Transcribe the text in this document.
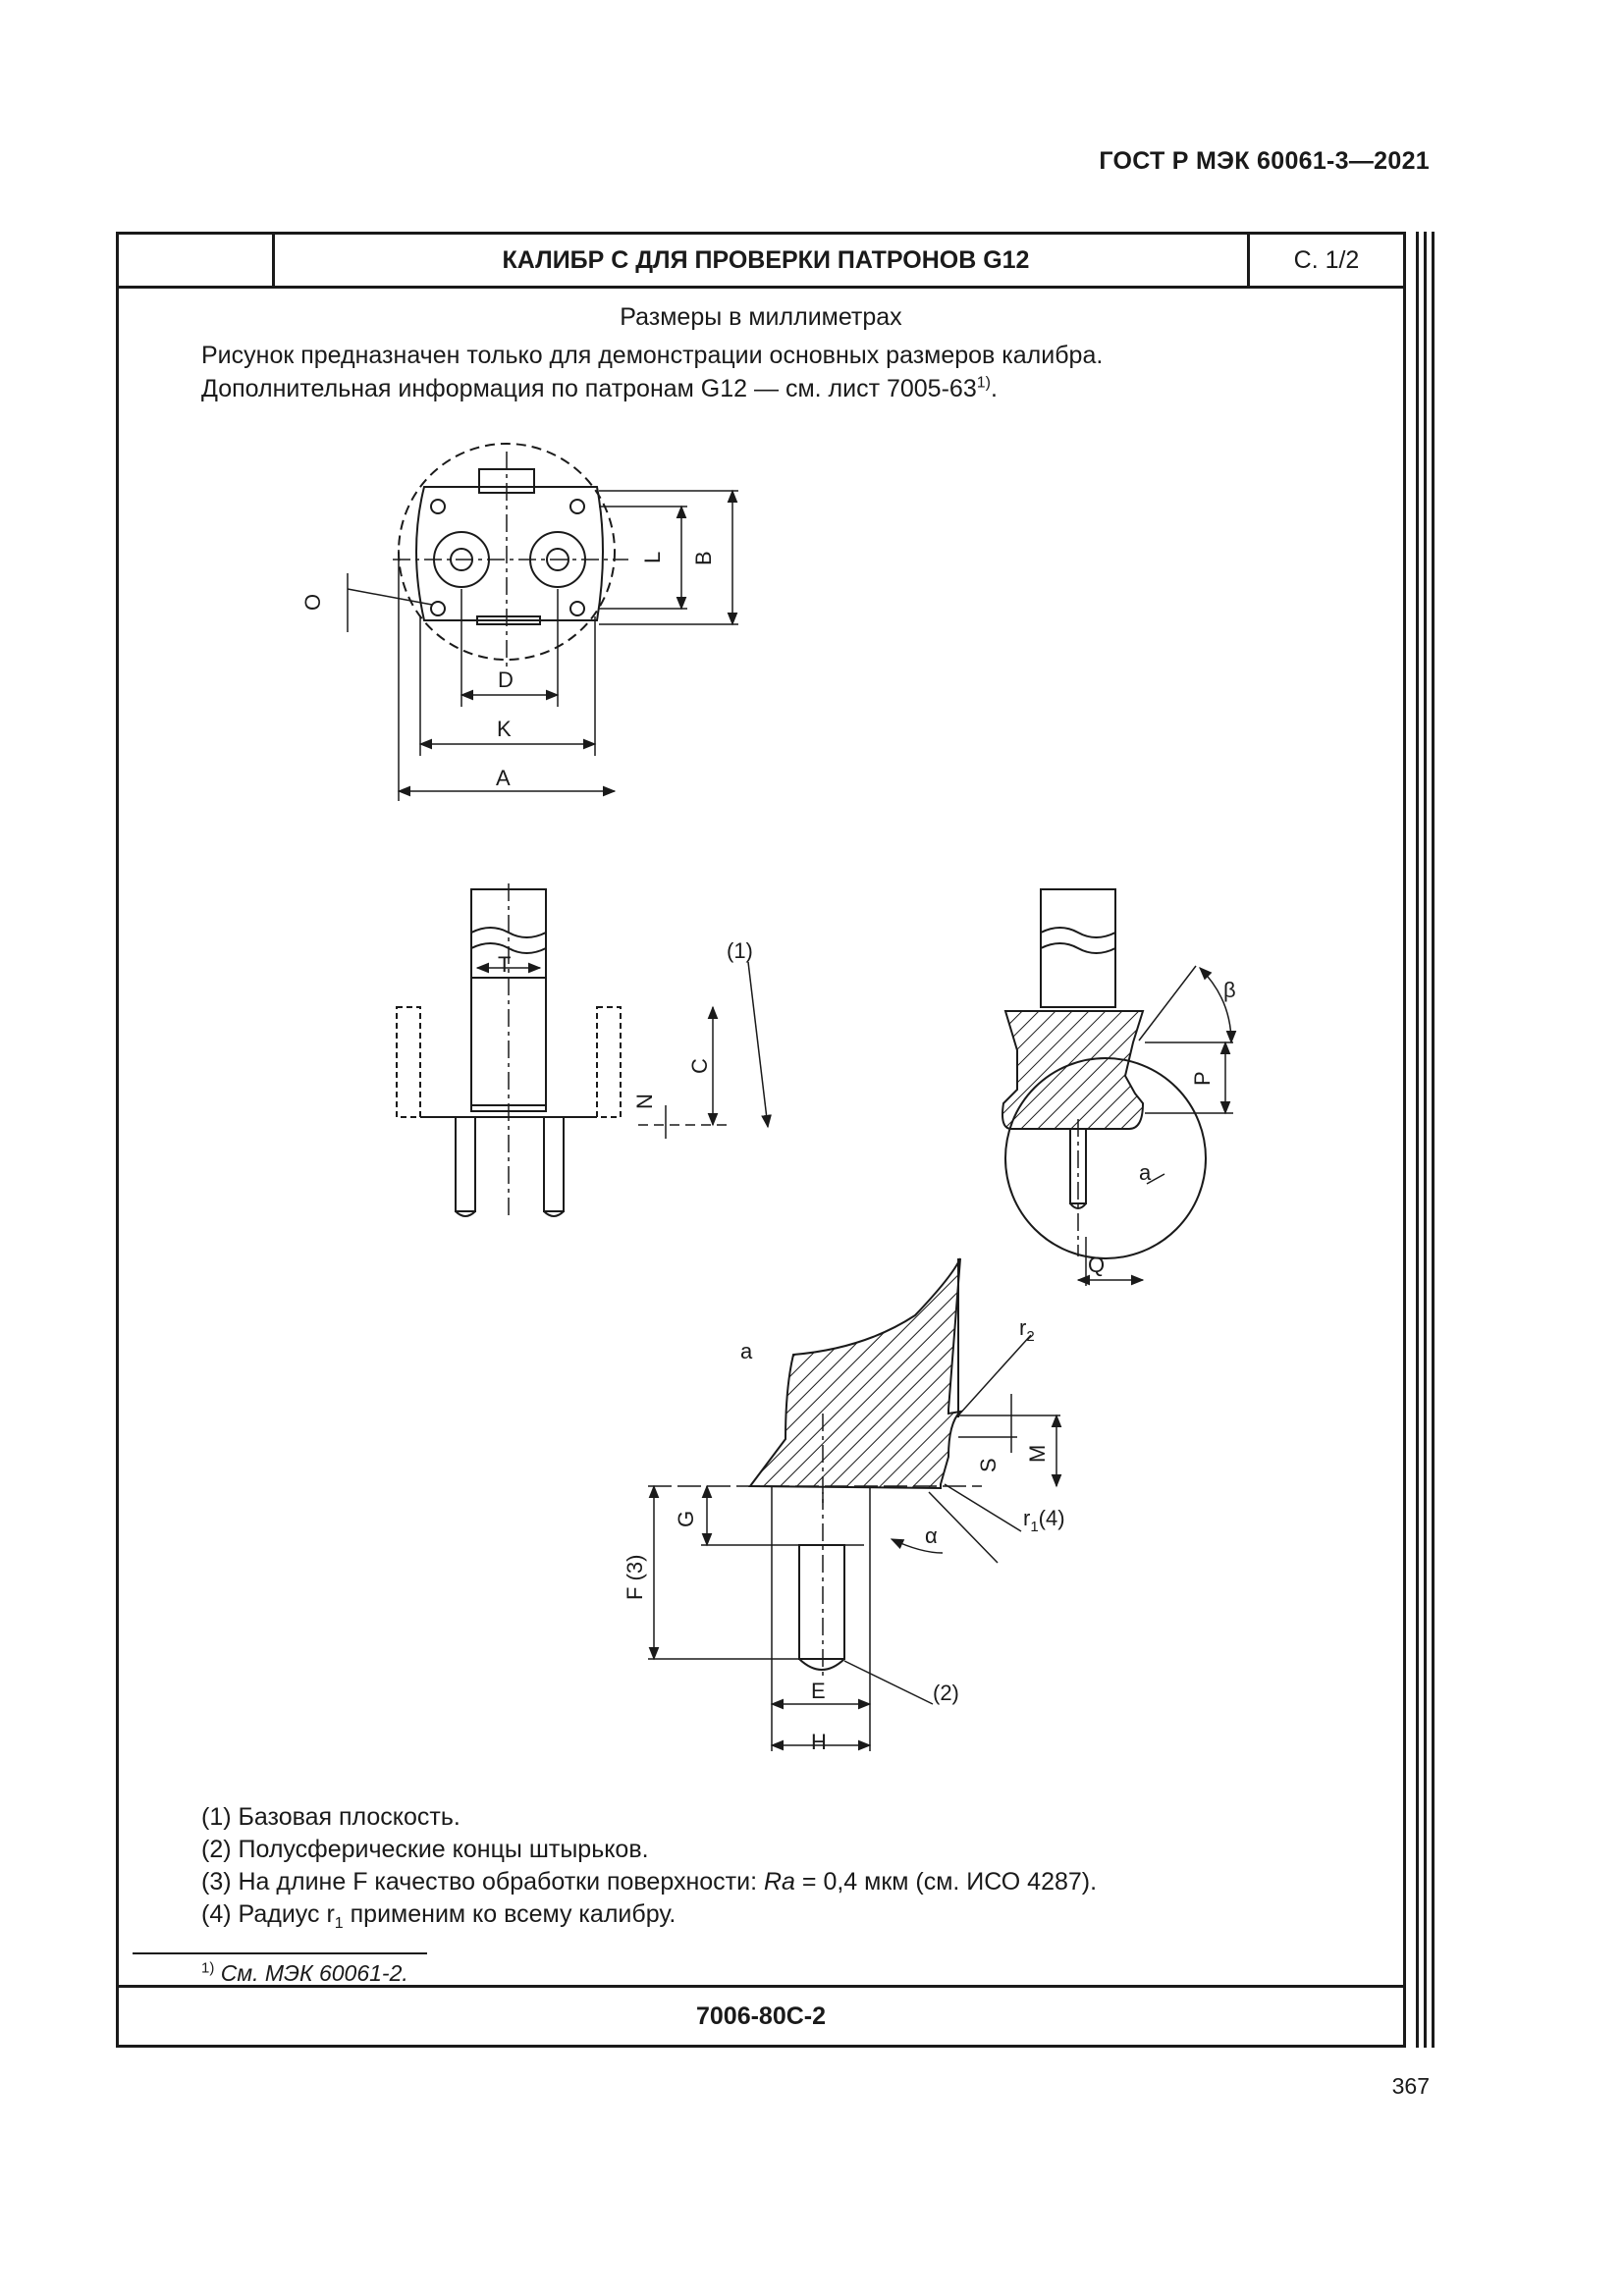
ГОСТ Р МЭК 60061-3—2021
КАЛИБР С ДЛЯ ПРОВЕРКИ ПАТРОНОВ G12	С. 1/2
Размеры в миллиметрах
Рисунок предназначен только для демонстрации основных размеров калибра.
Дополнительная информация по патронам G12 — см. лист 7005-63$^{1)}$.
(1) Базовая плоскость.
(2) Полусферические концы штырьков.
(3) На длине F качество обработки поверхности: Ra = 0,4 мкм (см. ИСО 4287).
(4) Радиус $r_1$ применим ко всему калибру.
$^{1)}$ См. МЭК 60061-2.
7006-80C-2
L B
O
D
K
A
T
(1)
C
N
β
P
a
Q
a
$r_2$
S
M
G	$r_1(4)$
α
F (3)
E	(2)
H
367
